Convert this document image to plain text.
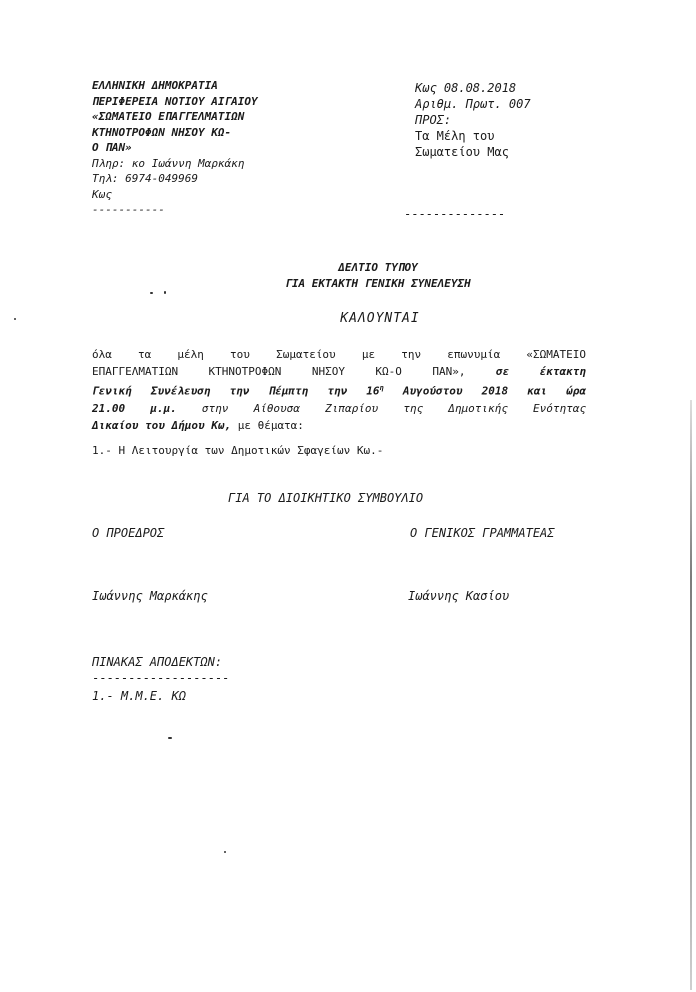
ΕΛΛΗΝΙΚΗ ΔΗΜΟΚΡΑΤΙΑ
ΠΕΡΙΦΕΡΕΙΑ ΝΟΤΙΟΥ ΑΙΓΑΙΟΥ
«ΣΩΜΑΤΕΙΟ ΕΠΑΓΓΕΛΜΑΤΙΩΝ
ΚΤΗΝΟΤΡΟΦΩΝ ΝΗΣΟΥ ΚΩ-
Ο ΠΑΝ»
Πληρ: κο Ιωάννη Μαρκάκη
Τηλ: 6974-049969
Κως
-----------
Κως 08.08.2018
Αριθμ. Πρωτ. 007
ΠΡΟΣ:
Τα Μέλη του
Σωματείου Μας
--------------
ΔΕΛΤΙΟ ΤΥΠΟΥ
ΓΙΑ ΕΚΤΑΚΤΗ ΓΕΝΙΚΗ ΣΥΝΕΛΕΥΣΗ
ΚΑΛΟΥΝΤΑΙ
όλα τα μέλη του Σωματείου με την επωνυμία «ΣΩΜΑΤΕΙΟ
ΕΠΑΓΓΕΛΜΑΤΙΩΝ ΚΤΗΝΟΤΡΟΦΩΝ ΝΗΣΟΥ ΚΩ-Ο ΠΑΝ»,	σε έκτακτη
Γενική Συνέλευση την Πέμπτη την $16^\eta$ Αυγούστου 2018 και ώρα
21.00 μ.μ. στην Αίθουσα Ζιπαρίου της Δημοτικής Ενότητας
Δικαίου του Δήμου Κω, με θέματα:
1.- Η Λειτουργία των Δημοτικών Σφαγείων Κω.-
ΓΙΑ ΤΟ ΔΙΟΙΚΗΤΙΚΟ ΣΥΜΒΟΥΛΙΟ
Ο ΠΡΟΕΔΡΟΣ	Ο ΓΕΝΙΚΟΣ ΓΡΑΜΜΑΤΕΑΣ
Ιωάννης Μαρκάκης	Ιωάννης Κασίου
ΠΙΝΑΚΑΣ ΑΠΟΔΕΚΤΩΝ:
-------------------
1.- Μ.Μ.Ε. ΚΩ
